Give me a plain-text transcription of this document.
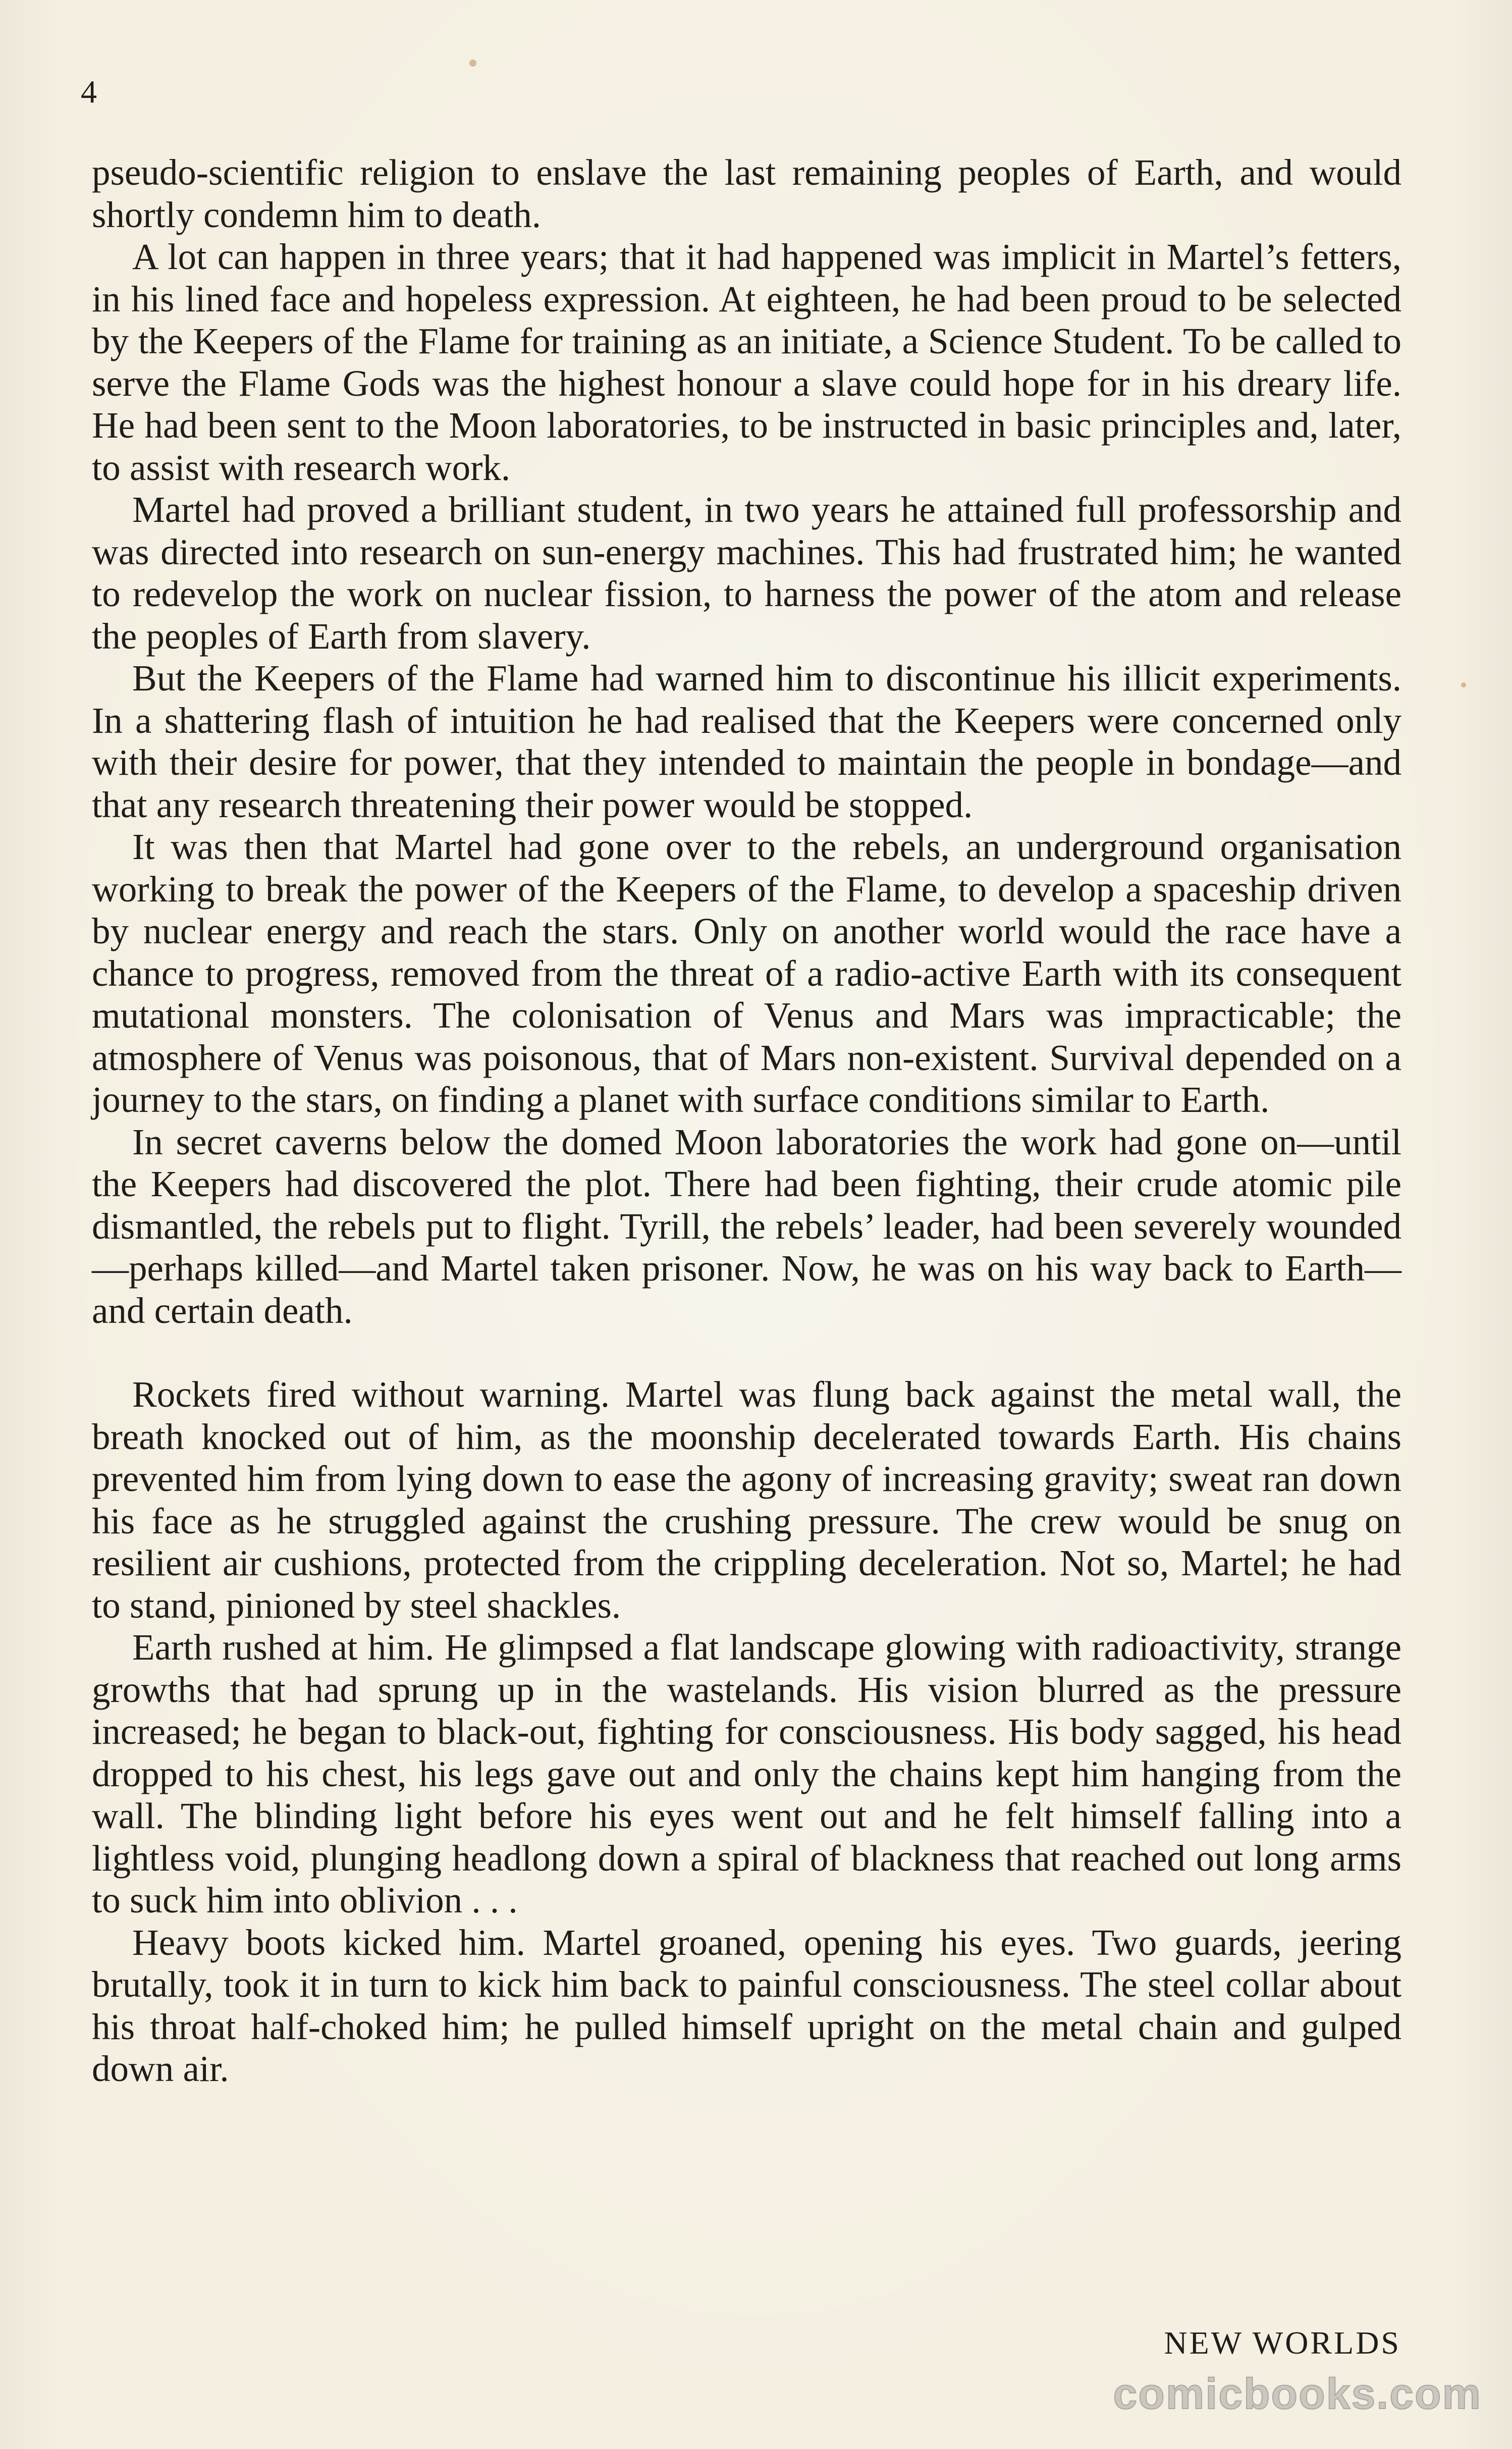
4

pseudo-scientific religion to enslave the last remaining peoples of Earth, and would shortly condemn him to death.

A lot can happen in three years; that it had happened was implicit in Martel’s fetters, in his lined face and hopeless expression. At eighteen, he had been proud to be selected by the Keepers of the Flame for training as an initiate, a Science Student. To be called to serve the Flame Gods was the highest honour a slave could hope for in his dreary life. He had been sent to the Moon laboratories, to be instructed in basic principles and, later, to assist with research work.

Martel had proved a brilliant student, in two years he attained full professorship and was directed into research on sun-energy machines. This had frustrated him; he wanted to redevelop the work on nuclear fission, to harness the power of the atom and release the peoples of Earth from slavery.

But the Keepers of the Flame had warned him to discontinue his illicit experiments. In a shattering flash of intuition he had realised that the Keepers were concerned only with their desire for power, that they intended to maintain the people in bondage—and that any research threatening their power would be stopped.

It was then that Martel had gone over to the rebels, an underground organisation working to break the power of the Keepers of the Flame, to develop a spaceship driven by nuclear energy and reach the stars. Only on another world would the race have a chance to progress, removed from the threat of a radio-active Earth with its consequent mutational monsters. The colonisation of Venus and Mars was impracticable; the atmosphere of Venus was poisonous, that of Mars non-existent. Survival depended on a journey to the stars, on finding a planet with surface conditions similar to Earth.

In secret caverns below the domed Moon laboratories the work had gone on—until the Keepers had discovered the plot. There had been fighting, their crude atomic pile dismantled, the rebels put to flight. Tyrill, the rebels’ leader, had been severely wounded—perhaps killed—and Martel taken prisoner. Now, he was on his way back to Earth—and certain death.

Rockets fired without warning. Martel was flung back against the metal wall, the breath knocked out of him, as the moonship decelerated towards Earth. His chains prevented him from lying down to ease the agony of increasing gravity; sweat ran down his face as he struggled against the crushing pressure. The crew would be snug on resilient air cushions, protected from the crippling deceleration. Not so, Martel; he had to stand, pinioned by steel shackles.

Earth rushed at him. He glimpsed a flat landscape glowing with radioactivity, strange growths that had sprung up in the wastelands. His vision blurred as the pressure increased; he began to black-out, fighting for consciousness. His body sagged, his head dropped to his chest, his legs gave out and only the chains kept him hanging from the wall. The blinding light before his eyes went out and he felt himself falling into a lightless void, plunging headlong down a spiral of blackness that reached out long arms to suck him into oblivion . . .

Heavy boots kicked him. Martel groaned, opening his eyes. Two guards, jeering brutally, took it in turn to kick him back to painful consciousness. The steel collar about his throat half-choked him; he pulled himself upright on the metal chain and gulped down air.

NEW WORLDS
comicbooks.com
